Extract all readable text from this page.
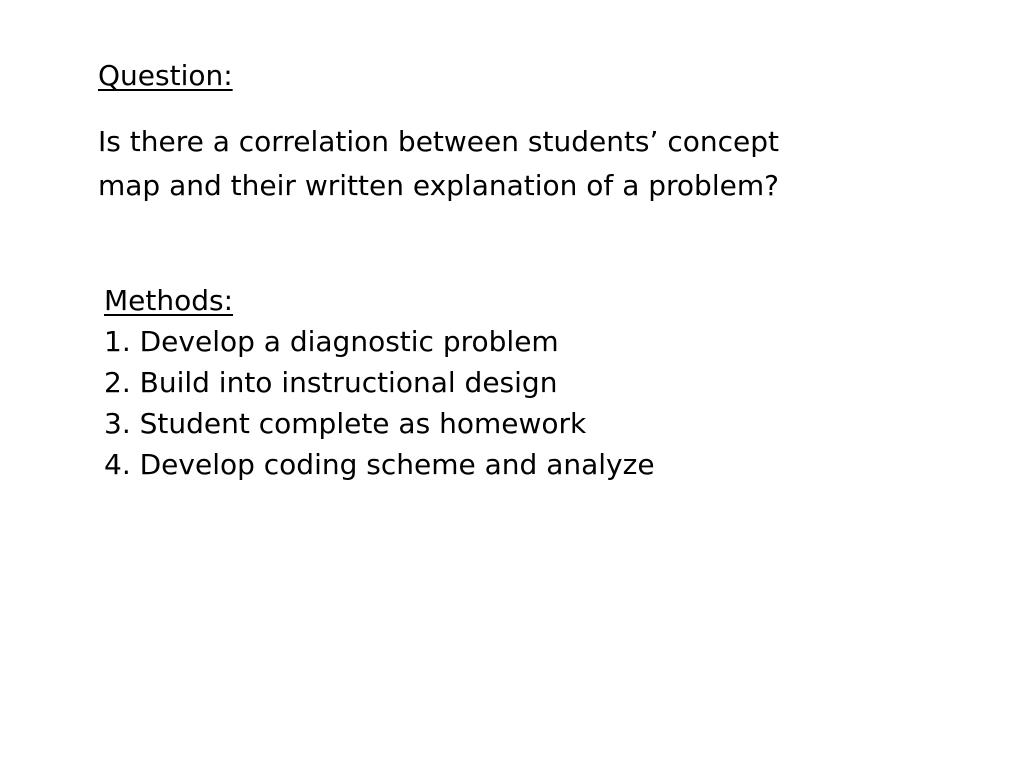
Question:
Is there a correlation between students’ concept
map and their written explanation of a problem?
Methods:
1. Develop a diagnostic problem
2. Build into instructional design
3. Student complete as homework
4. Develop coding scheme and analyze
